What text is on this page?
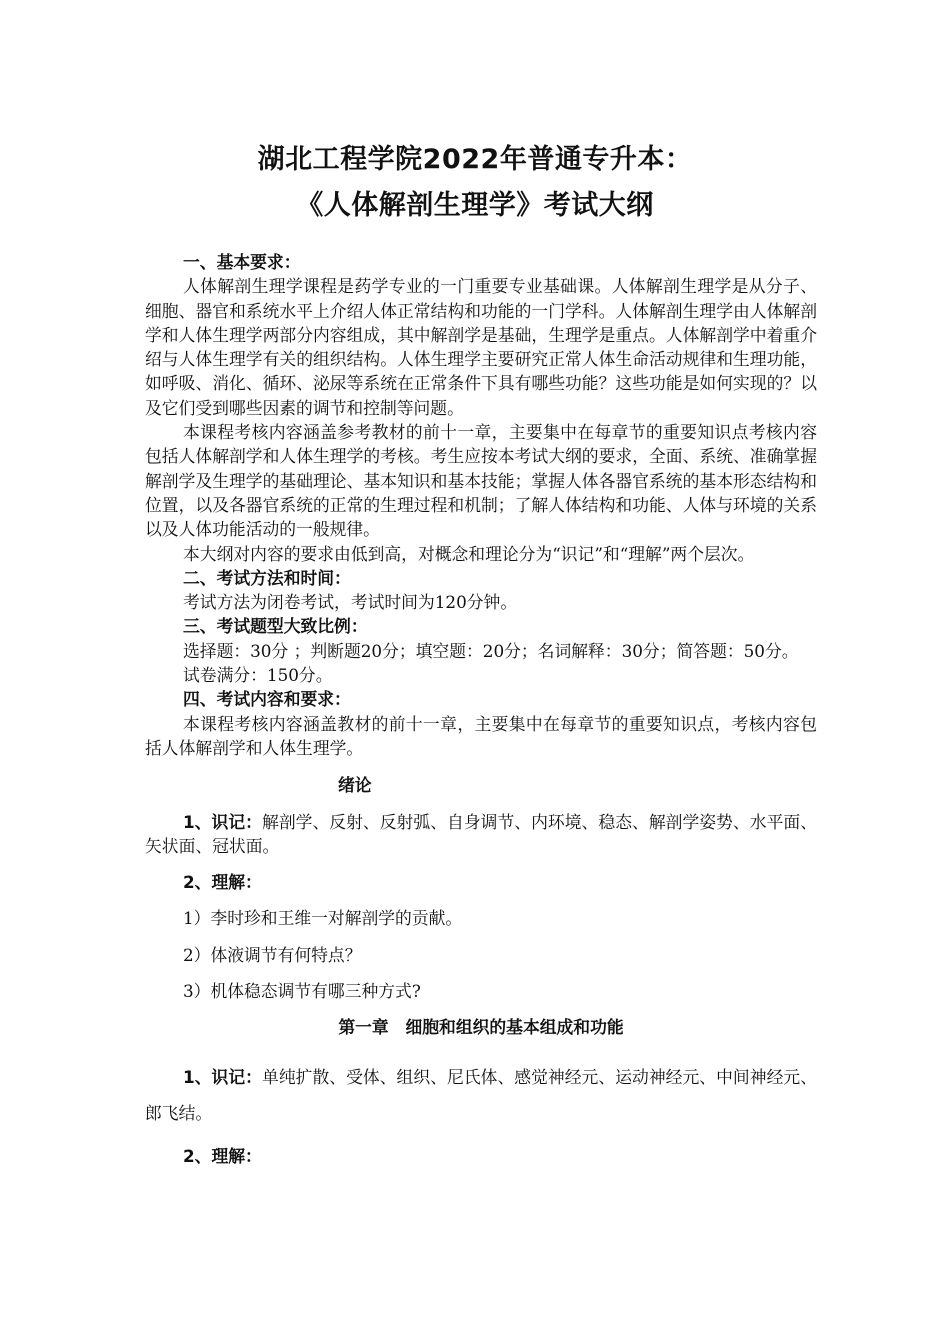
湖北工程学院2022年普通专升本：
《人体解剖生理学》考试大纲

一、基本要求：

人体解剖生理学课程是药学专业的一门重要专业基础课。人体解剖生理学是从分子、细胞、器官和系统水平上介绍人体正常结构和功能的一门学科。人体解剖生理学由人体解剖学和人体生理学两部分内容组成，其中解剖学是基础，生理学是重点。人体解剖学中着重介绍与人体生理学有关的组织结构。人体生理学主要研究正常人体生命活动规律和生理功能，如呼吸、消化、循环、泌尿等系统在正常条件下具有哪些功能？这些功能是如何实现的？以及它们受到哪些因素的调节和控制等问题。

本课程考核内容涵盖参考教材的前十一章，主要集中在每章节的重要知识点考核内容包括人体解剖学和人体生理学的考核。考生应按本考试大纲的要求，全面、系统、准确掌握解剖学及生理学的基础理论、基本知识和基本技能；掌握人体各器官系统的基本形态结构和位置，以及各器官系统的正常的生理过程和机制；了解人体结构和功能、人体与环境的关系以及人体功能活动的一般规律。

本大纲对内容的要求由低到高，对概念和理论分为“识记”和“理解”两个层次。

二、考试方法和时间：

考试方法为闭卷考试，考试时间为120分钟。

三、考试题型大致比例：

选择题：30分 ；判断题20分；填空题：20分；名词解释：30分；简答题：50分。

试卷满分：150分。

四、考试内容和要求：

本课程考核内容涵盖教材的前十一章，主要集中在每章节的重要知识点，考核内容包括人体解剖学和人体生理学。

绪论

1、识记：解剖学、反射、反射弧、自身调节、内环境、稳态、解剖学姿势、水平面、矢状面、冠状面。

2、理解：

1）李时珍和王维一对解剖学的贡献。

2）体液调节有何特点？

3）机体稳态调节有哪三种方式?

第一章　细胞和组织的基本组成和功能

1、识记：单纯扩散、受体、组织、尼氏体、感觉神经元、运动神经元、中间神经元、郎飞结。

2、理解：
